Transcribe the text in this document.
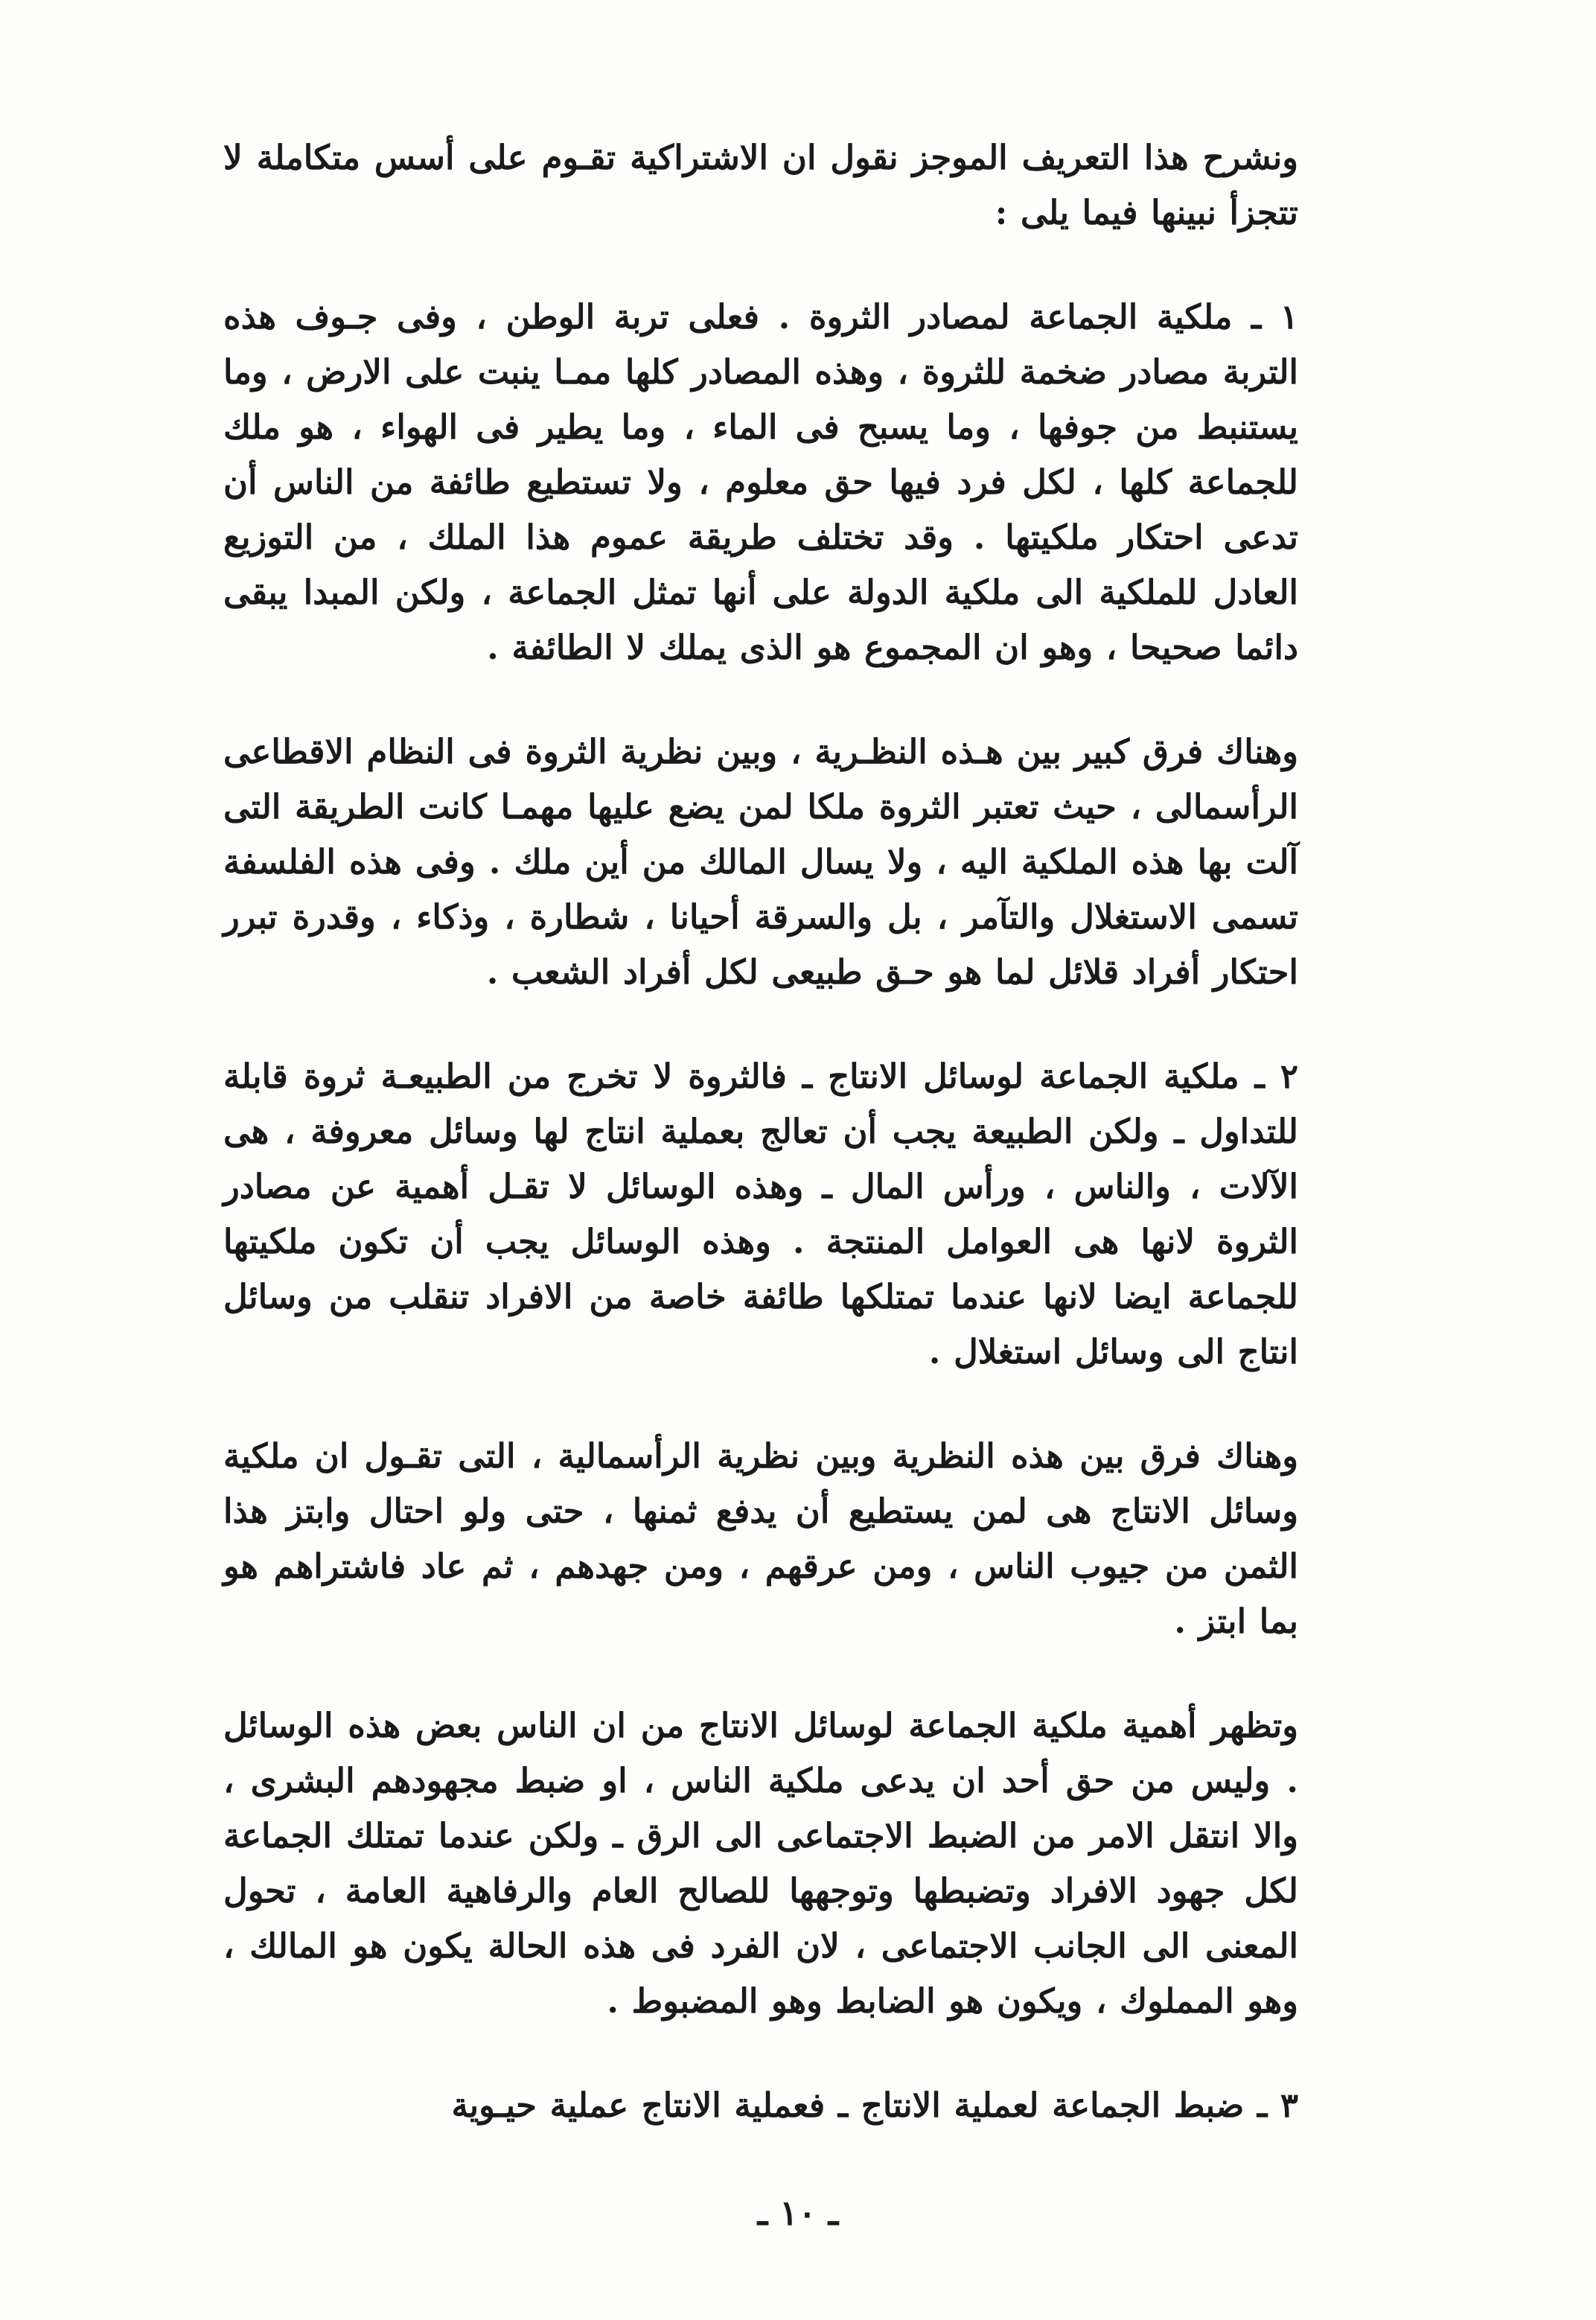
ونشرح هذا التعريف الموجز نقول ان الاشتراكية تقـوم على أسس متكاملة لا تتجزأ نبينها فيما يلى :

١ ـ ملكية الجماعة لمصادر الثروة . فعلى تربة الوطن ، وفى جـوف هذه التربة مصادر ضخمة للثروة ، وهذه المصادر كلها ممـا ينبت على الارض ، وما يستنبط من جوفها ، وما يسبح فى الماء ، وما يطير فى الهواء ، هو ملك للجماعة كلها ، لكل فرد فيها حق معلوم ، ولا تستطيع طائفة من الناس أن تدعى احتكار ملكيتها . وقد تختلف طريقة عموم هذا الملك ، من التوزيع العادل للملكية الى ملكية الدولة على أنها تمثل الجماعة ، ولكن المبدا يبقى دائما صحيحا ، وهو ان المجموع هو الذى يملك لا الطائفة .

وهناك فرق كبير بين هـذه النظـرية ، وبين نظرية الثروة فى النظام الاقطاعى الرأسمالى ، حيث تعتبر الثروة ملكا لمن يضع عليها مهمـا كانت الطريقة التى آلت بها هذه الملكية اليه ، ولا يسال المالك من أين ملك . وفى هذه الفلسفة تسمى الاستغلال والتآمر ، بل والسرقة أحيانا ، شطارة ، وذكاء ، وقدرة تبرر احتكار أفراد قلائل لما هو حـق طبيعى لكل أفراد الشعب .

٢ ـ ملكية الجماعة لوسائل الانتاج ـ فالثروة لا تخرج من الطبيعـة ثروة قابلة للتداول ـ ولكن الطبيعة يجب أن تعالج بعملية انتاج لها وسائل معروفة ، هى الآلات ، والناس ، ورأس المال ـ وهذه الوسائل لا تقـل أهمية عن مصادر الثروة لانها هى العوامل المنتجة . وهذه الوسائل يجب أن تكون ملكيتها للجماعة ايضا لانها عندما تمتلكها طائفة خاصة من الافراد تنقلب من وسائل انتاج الى وسائل استغلال .

وهناك فرق بين هذه النظرية وبين نظرية الرأسمالية ، التى تقـول ان ملكية وسائل الانتاج هى لمن يستطيع أن يدفع ثمنها ، حتى ولو احتال وابتز هذا الثمن من جيوب الناس ، ومن عرقهم ، ومن جهدهم ، ثم عاد فاشتراهم هو بما ابتز .

وتظهر أهمية ملكية الجماعة لوسائل الانتاج من ان الناس بعض هذه الوسائل . وليس من حق أحد ان يدعى ملكية الناس ، او ضبط مجهودهم البشرى ، والا انتقل الامر من الضبط الاجتماعى الى الرق ـ ولكن عندما تمتلك الجماعة لكل جهود الافراد وتضبطها وتوجهها للصالح العام والرفاهية العامة ، تحول المعنى الى الجانب الاجتماعى ، لان الفرد فى هذه الحالة يكون هو المالك ، وهو المملوك ، ويكون هو الضابط وهو المضبوط .

٣ ـ ضبط الجماعة لعملية الانتاج ـ فعملية الانتاج عملية حيـوية

ـ ١٠ ـ
